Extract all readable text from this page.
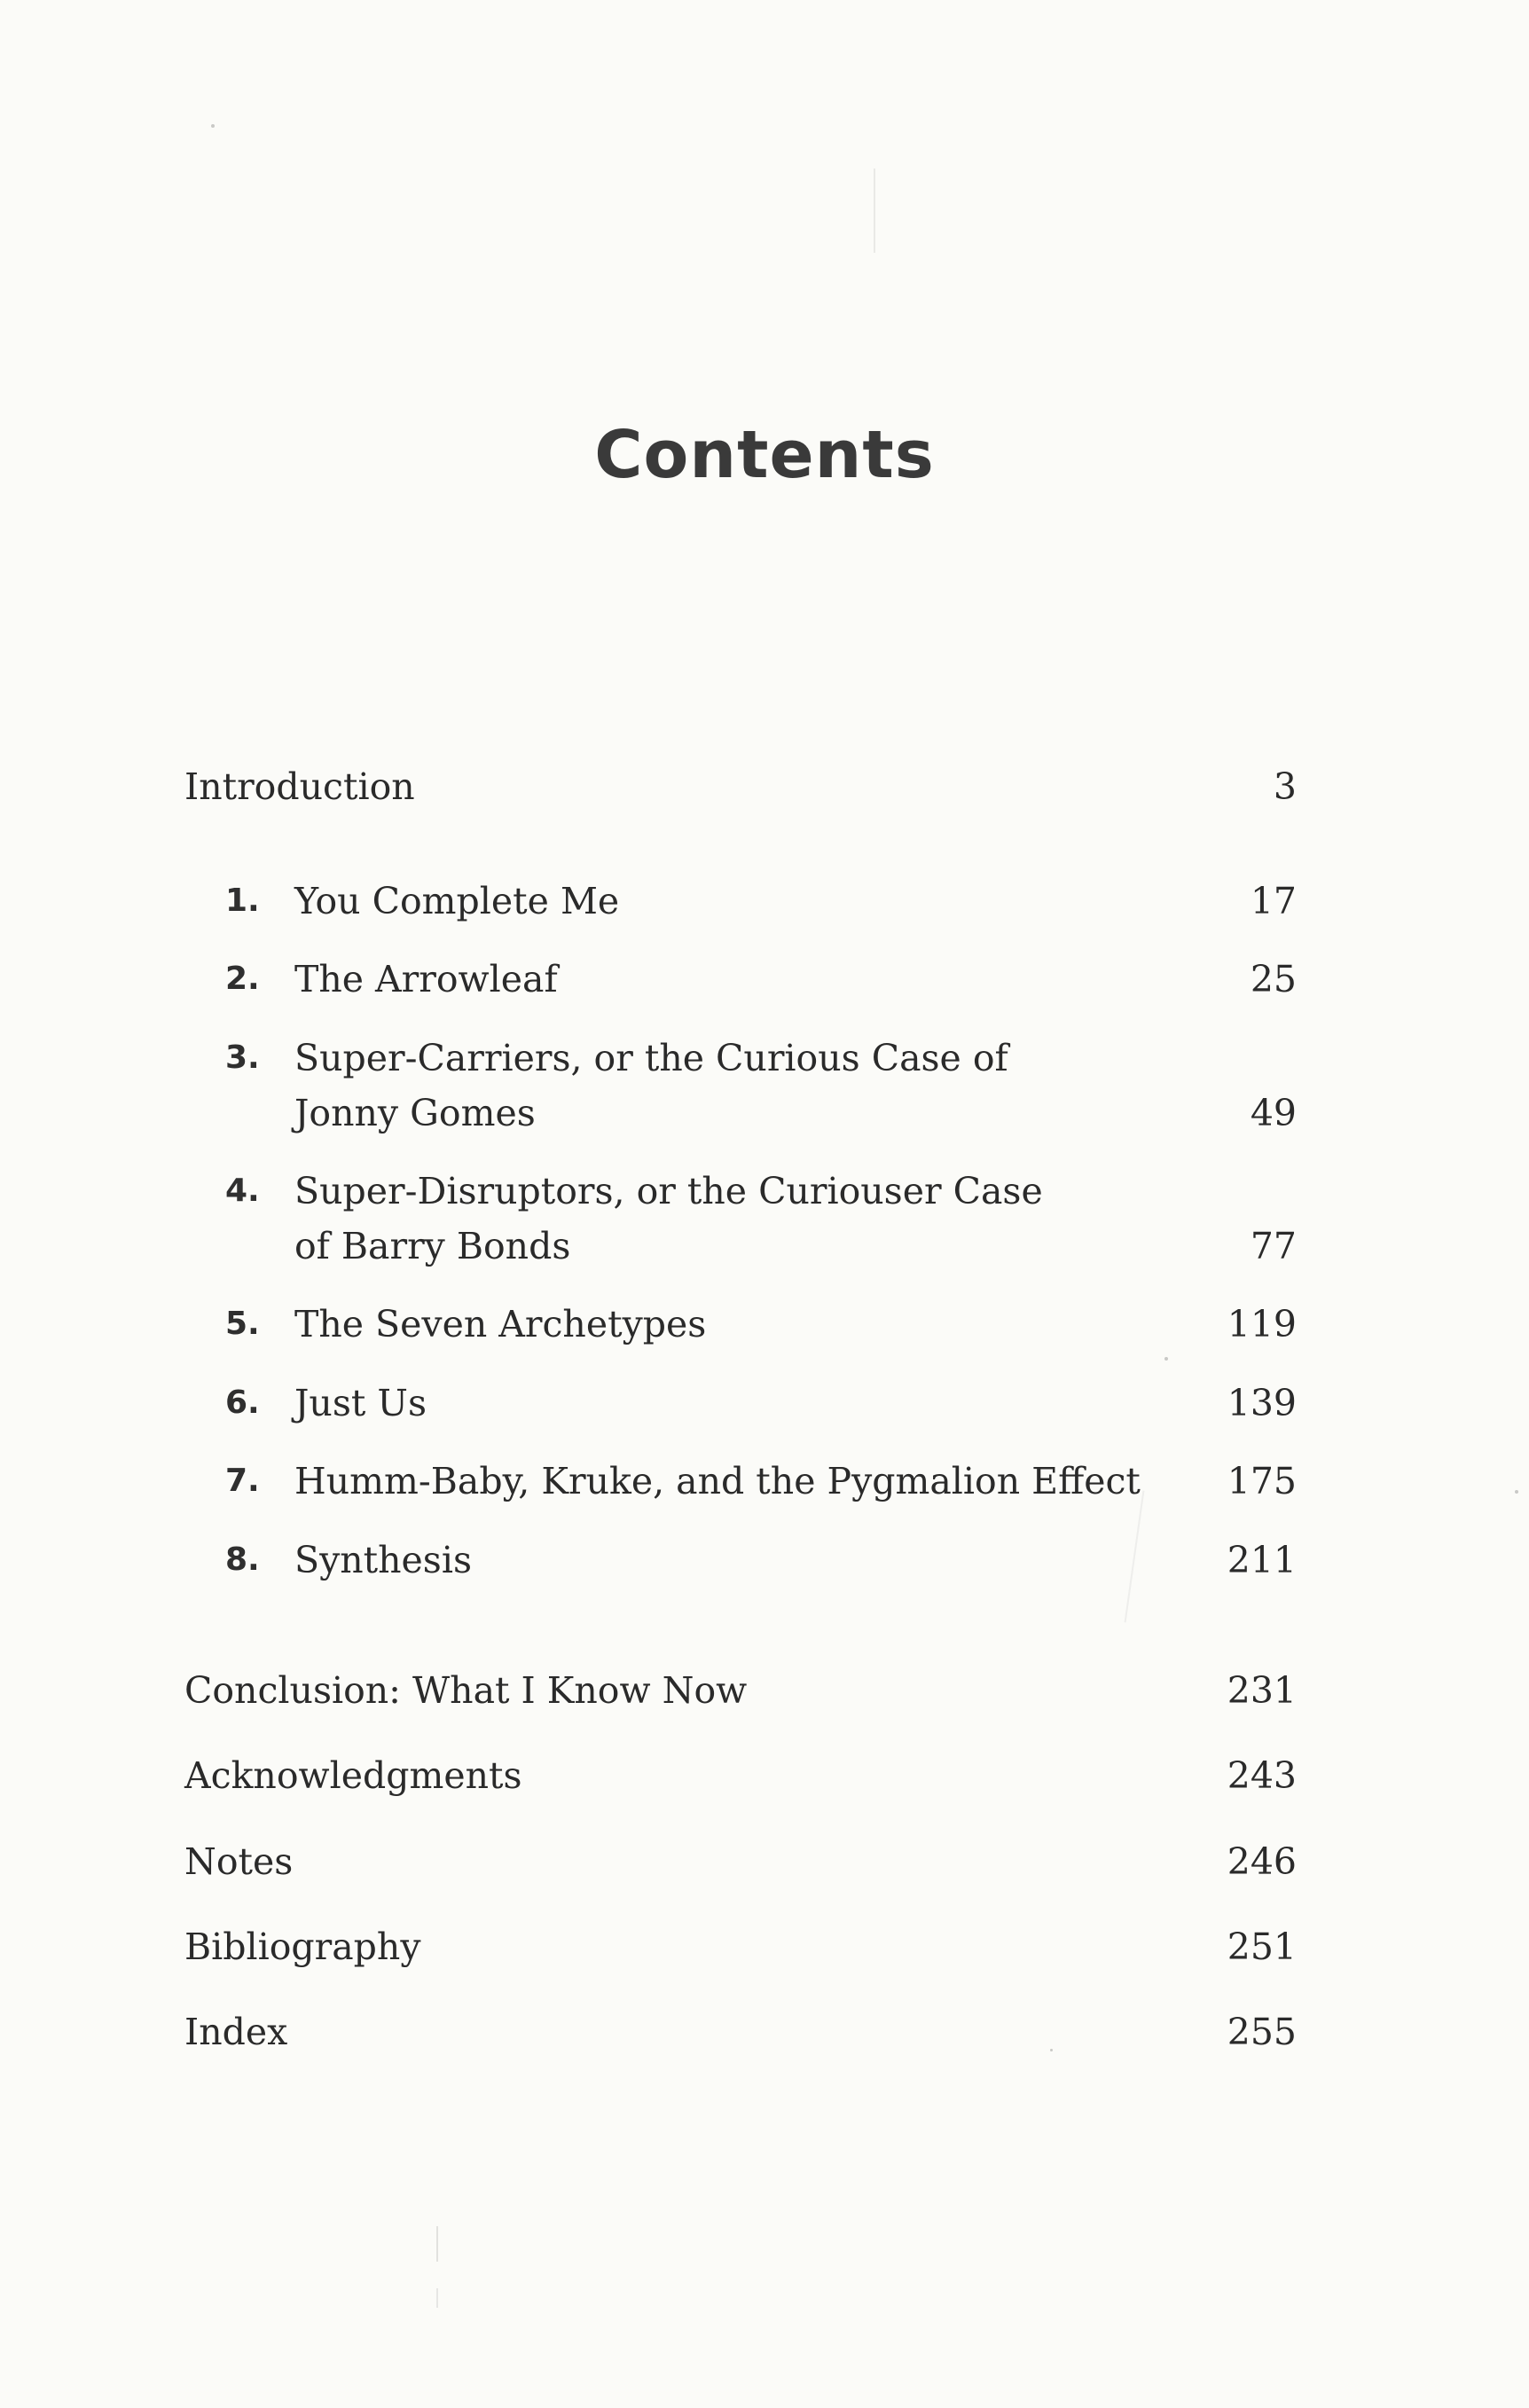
Contents
Introduction	3
1. You Complete Me	17
2. The Arrowleaf	25
3. Super-Carriers, or the Curious Case of
Jonny Gomes	49
4. Super-Disruptors, or the Curiouser Case
of Barry Bonds	77
5. The Seven Archetypes	119
6. Just Us	139
7. Humm-Baby, Kruke, and the Pygmalion Effect 175
8. Synthesis	211
Conclusion: What I Know Now	231
Acknowledgments	243
Notes	246
Bibliography	251
Index	255
